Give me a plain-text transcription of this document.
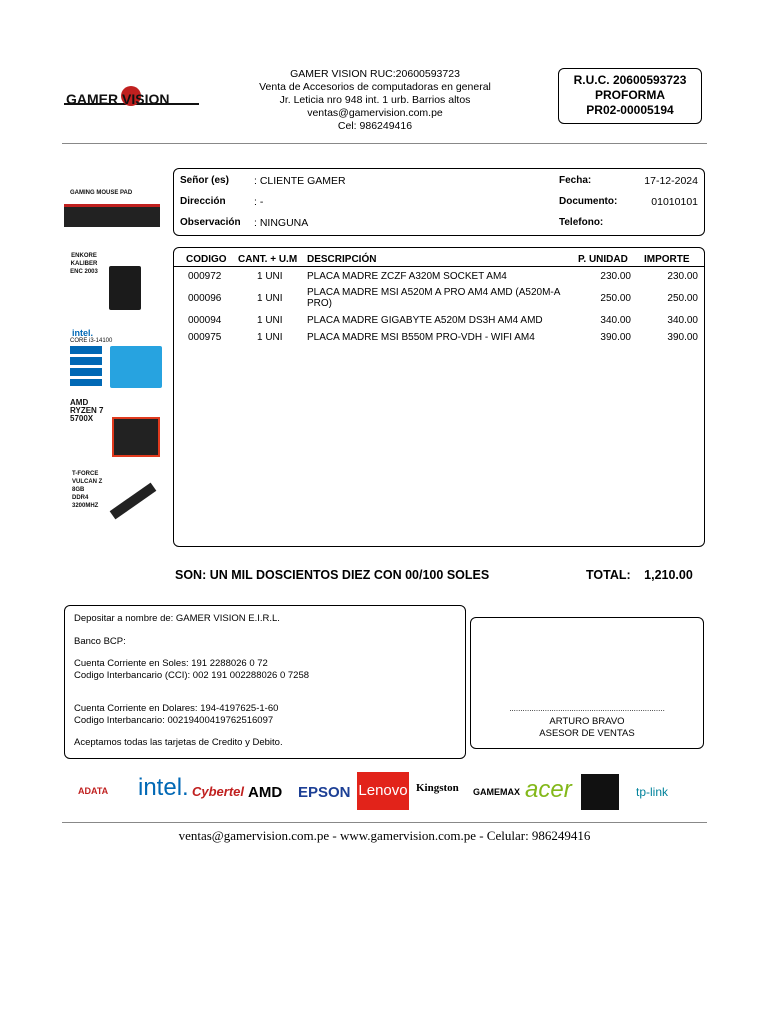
GAMER VISION
GAMER VISION RUC:20600593723
Venta de Accesorios de computadoras en general
Jr. Leticia nro 948 int. 1 urb. Barrios altos
ventas@gamervision.com.pe
Cel: 986249416
R.U.C. 20600593723
PROFORMA
PR02-00005194
GAMING MOUSE PAD
ENKORE
KALIBER
ENC 2003
intel.
CORE i3-14100
AMD
RYZEN 7
5700X
T-FORCE
VULCAN Z
8GB
DDR4
3200MHZ
Señor (es) : CLIENTE GAMER
Dirección	: -
Observación : NINGUNA
Fecha:	17-12-2024
Documento:	01010101
Telefono:
CODIGO CANT. + U.M DESCRIPCIÓN	P. UNIDAD IMPORTE
000972	1 UNI PLACA MADRE ZCZF A320M SOCKET AM4	230.00	230.00
000096	1 UNI
PLACA MADRE MSI A520M A PRO AM4 AMD (A520M-A PRO)	250.00	250.00
000094	1 UNI PLACA MADRE GIGABYTE A520M DS3H AM4 AMD	340.00	340.00
000975	1 UNI PLACA MADRE MSI B550M PRO-VDH - WIFI AM4	390.00	390.00
SON: UN MIL DOSCIENTOS DIEZ CON 00/100 SOLES	TOTAL: 1,210.00
Depositar a nombre de: GAMER VISION E.I.R.L.
Banco BCP:
Cuenta Corriente en Soles: 191 2288026 0 72
Codigo Interbancario (CCI): 002 191 002288026 0 7258
Cuenta Corriente en Dolares: 194-4197625-1-60
Codigo Interbancario: 00219400419762516097
Aceptamos todas las tarjetas de Credito y Debito.
......................................................................
ARTURO BRAVO
ASESOR DE VENTAS
ADATA intel. Cybertel AMD EPSON Lenovo Kingston GAMEMAX acer	tp-link
ventas@gamervision.com.pe - www.gamervision.com.pe - Celular: 986249416
